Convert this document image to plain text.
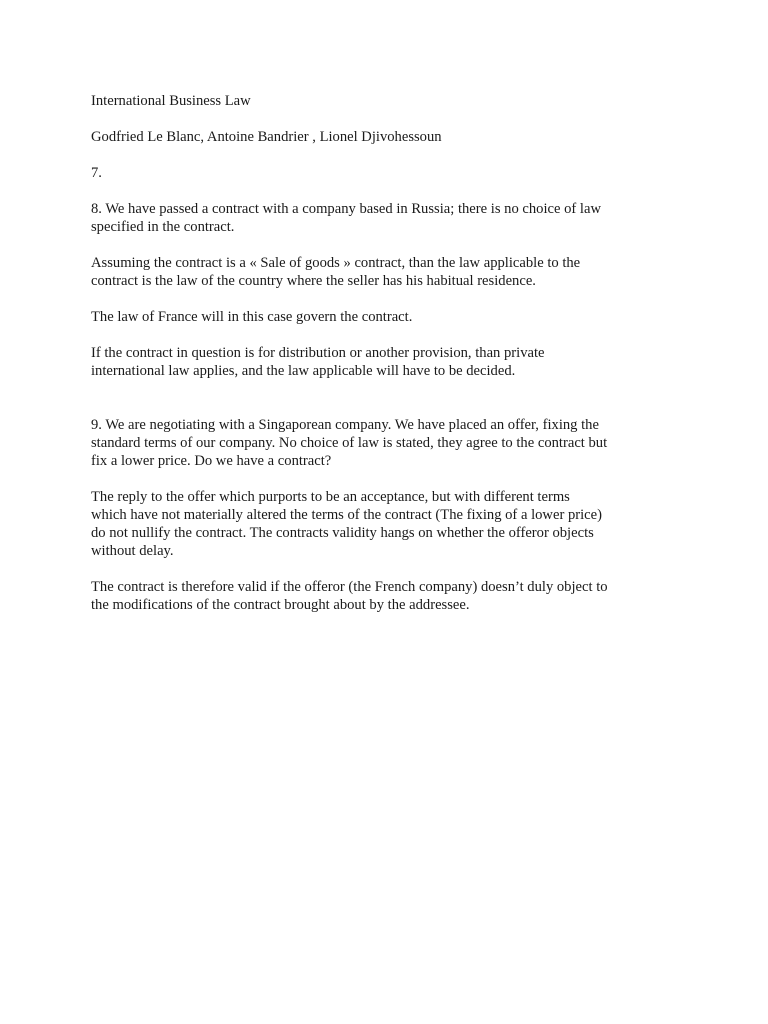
International Business Law

Godfried Le Blanc, Antoine Bandrier , Lionel Djivohessoun

7.

8. We have passed a contract with a company based in Russia; there is no choice of law
specified in the contract.

Assuming the contract is a « Sale of goods » contract, than the law applicable to the
contract is the law of the country where the seller has his habitual residence.

The law of France will in this case govern the contract.

If the contract in question is for distribution or another provision, than private
international law applies, and the law applicable will have to be decided.

9. We are negotiating with a Singaporean company. We have placed an offer, fixing the
standard terms of our company. No choice of law is stated, they agree to the contract but
fix a lower price. Do we have a contract?

The reply to the offer which purports to be an acceptance, but with different terms
which have not materially altered the terms of the contract (The fixing of a lower price)
do not nullify the contract. The contracts validity hangs on whether the offeror objects
without delay.

The contract is therefore valid if the offeror (the French company) doesn’t duly object to
the modifications of the contract brought about by the addressee.
